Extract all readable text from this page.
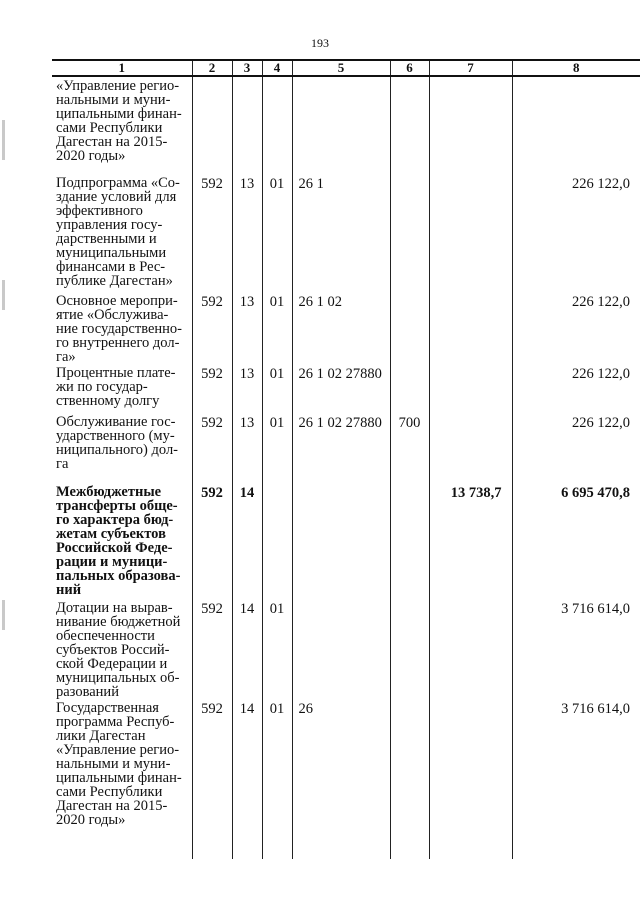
193
1	2	3	4	5	6	7	8
«Управление регио-нальными и муни-ципальными финан-сами Республики Дагестан на 2015-2020 годы»							
Подпрограмма «Со-здание условий для эффективного управления госу-дарственными и муниципальными финансами в Рес-публике Дагестан»	592	13	01	26 1			226 122,0
Основное меропри-ятие «Обслужива-ние государственно-го внутреннего дол-га»	592	13	01	26 1 02			226 122,0
Процентные плате-жи по государ-ственному долгу	592	13	01	26 1 02 27880			226 122,0
Обслуживание гос-ударственного (му-ниципального) дол-га	592	13	01	26 1 02 27880	700		226 122,0
Межбюджетные трансферты обще-го характера бюд-жетам субъектов Российской Феде-рации и муници-пальных образова-ний	592	14				13 738,7	6 695 470,8
Дотации на вырав-нивание бюджетной обеспеченности субъектов Россий-ской Федерации и муниципальных об-разований	592	14	01				3 716 614,0
Государственная программа Респуб-лики Дагестан «Управление регио-нальными и муни-ципальными финан-сами Республики Дагестан на 2015-2020 годы»	592	14	01	26			3 716 614,0
